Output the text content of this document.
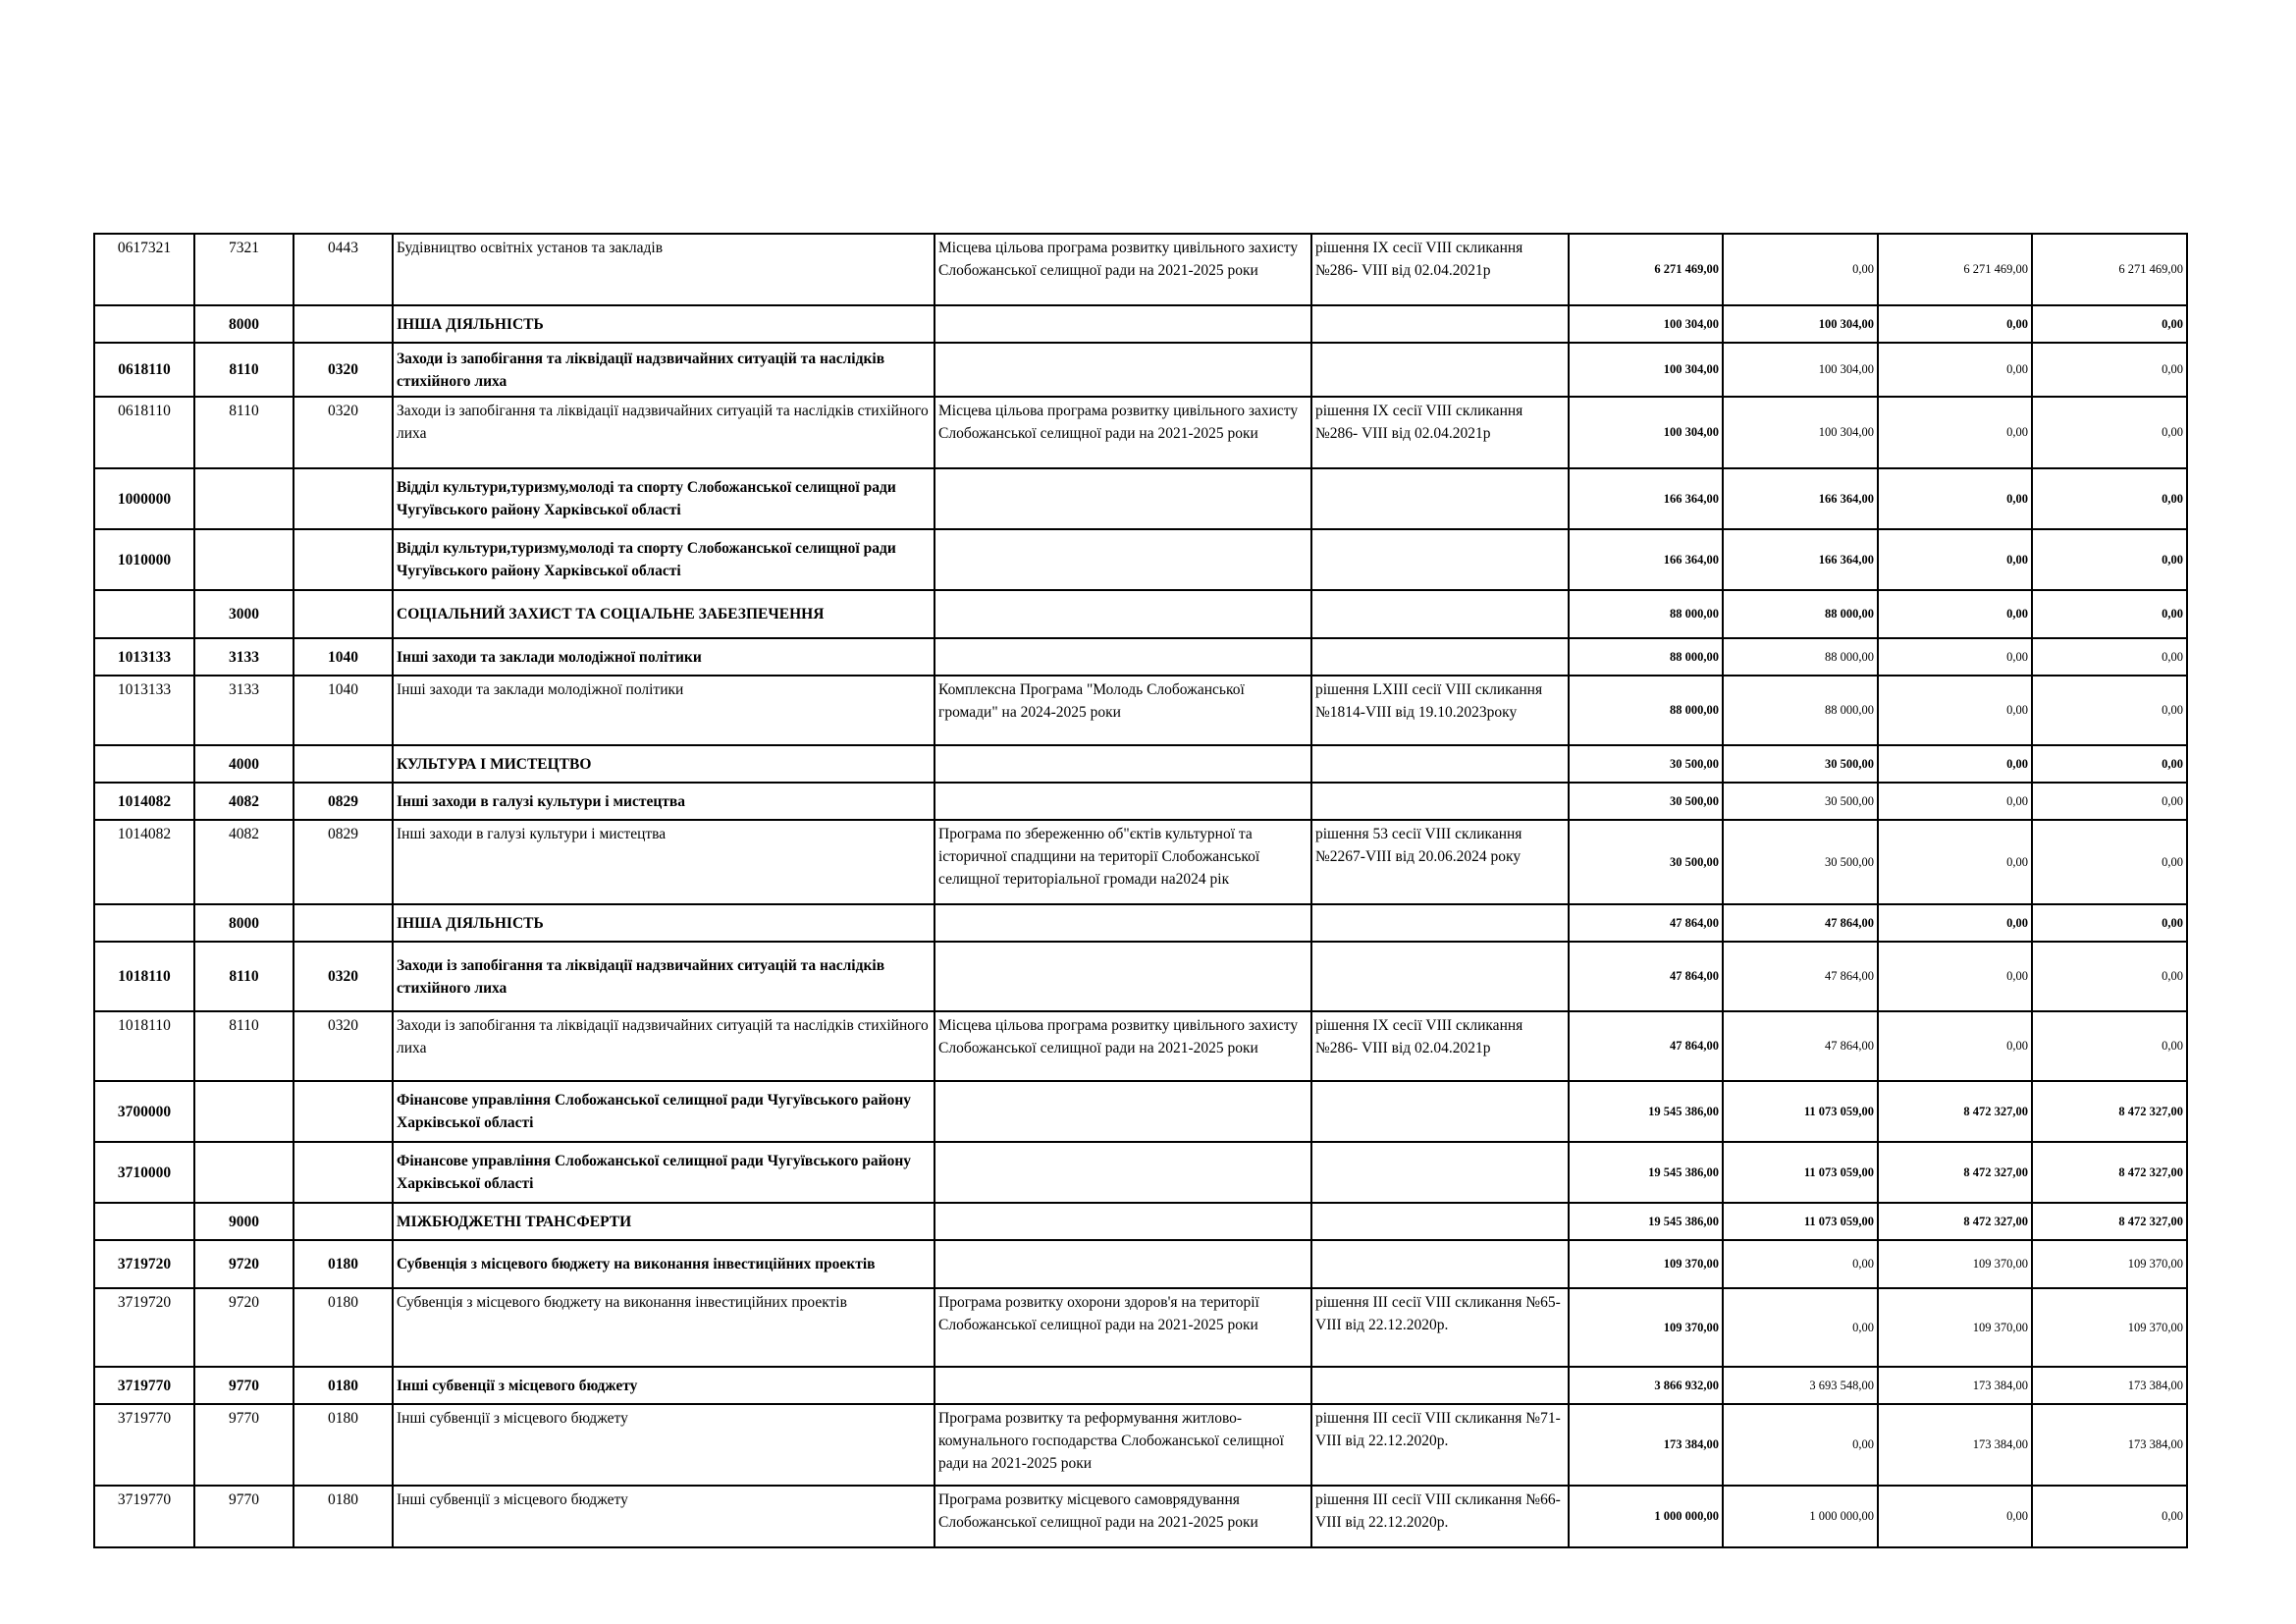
0617321	7321	0443	Будівництво освітніх установ та закладів	Місцева цільова програма розвитку цивільного захисту Слобожанської селищної ради на 2021-2025 роки	рішення IX сесії VIII скликання №286- VIII від 02.04.2021р	6 271 469,00	0,00	6 271 469,00	6 271 469,00
	8000		ІНША ДІЯЛЬНІСТЬ			100 304,00	100 304,00	0,00	0,00
0618110	8110	0320	Заходи із запобігання та ліквідації надзвичайних ситуацій та наслідків стихійного лиха			100 304,00	100 304,00	0,00	0,00
0618110	8110	0320	Заходи із запобігання та ліквідації надзвичайних ситуацій та наслідків стихійного лиха	Місцева цільова програма розвитку цивільного захисту Слобожанської селищної ради на 2021-2025 роки	рішення IX сесії VIII скликання №286- VIII від 02.04.2021р	100 304,00	100 304,00	0,00	0,00
1000000			Відділ культури,туризму,молоді та спорту Слобожанської селищної ради Чугуївського району Харківської області			166 364,00	166 364,00	0,00	0,00
1010000			Відділ культури,туризму,молоді та спорту Слобожанської селищної ради Чугуївського району Харківської області			166 364,00	166 364,00	0,00	0,00
	3000		СОЦІАЛЬНИЙ ЗАХИСТ ТА СОЦІАЛЬНЕ ЗАБЕЗПЕЧЕННЯ			88 000,00	88 000,00	0,00	0,00
1013133	3133	1040	Інші заходи та заклади молодіжної політики			88 000,00	88 000,00	0,00	0,00
1013133	3133	1040	Інші заходи та заклади молодіжної політики	Комплексна Програма "Молодь Слобожанської громади" на 2024-2025 роки	рішення LXIII сесії VIII скликання №1814-VIII від 19.10.2023року	88 000,00	88 000,00	0,00	0,00
	4000		КУЛЬТУРА І МИСТЕЦТВО			30 500,00	30 500,00	0,00	0,00
1014082	4082	0829	Інші заходи в галузі культури і мистецтва			30 500,00	30 500,00	0,00	0,00
1014082	4082	0829	Інші заходи в галузі культури і мистецтва	Програма по збереженню об"єктів культурної та історичної спадщини на території Слобожанської селищної територіальної громади на2024 рік	рішення 53 сесії VIII скликання №2267-VIII від 20.06.2024 року	30 500,00	30 500,00	0,00	0,00
	8000		ІНША ДІЯЛЬНІСТЬ			47 864,00	47 864,00	0,00	0,00
1018110	8110	0320	Заходи із запобігання та ліквідації надзвичайних ситуацій та наслідків стихійного лиха			47 864,00	47 864,00	0,00	0,00
1018110	8110	0320	Заходи із запобігання та ліквідації надзвичайних ситуацій та наслідків стихійного лиха	Місцева цільова програма розвитку цивільного захисту Слобожанської селищної ради на 2021-2025 роки	рішення IX сесії VIII скликання №286- VIII від 02.04.2021р	47 864,00	47 864,00	0,00	0,00
3700000			Фінансове управління Слобожанської селищної ради Чугуївського району Харківської області			19 545 386,00	11 073 059,00	8 472 327,00	8 472 327,00
3710000			Фінансове управління Слобожанської селищної ради Чугуївського району Харківської області			19 545 386,00	11 073 059,00	8 472 327,00	8 472 327,00
	9000		МІЖБЮДЖЕТНІ ТРАНСФЕРТИ			19 545 386,00	11 073 059,00	8 472 327,00	8 472 327,00
3719720	9720	0180	Субвенція з місцевого бюджету на виконання інвестиційних проектів			109 370,00	0,00	109 370,00	109 370,00
3719720	9720	0180	Субвенція з місцевого бюджету на виконання інвестиційних проектів	Програма розвитку охорони здоров'я на території Слобожанської селищної ради на 2021-2025 роки	рішення III сесії VIII скликання №65- VIII від 22.12.2020р.	109 370,00	0,00	109 370,00	109 370,00
3719770	9770	0180	Інші субвенції з місцевого бюджету			3 866 932,00	3 693 548,00	173 384,00	173 384,00
3719770	9770	0180	Інші субвенції з місцевого бюджету	Програма розвитку та реформування житлово-комунального господарства Слобожанської селищної ради на 2021-2025 роки	рішення III сесії VIII скликання №71- VIII від 22.12.2020р.	173 384,00	0,00	173 384,00	173 384,00
3719770	9770	0180	Інші субвенції з місцевого бюджету	Програма розвитку місцевого самоврядування Слобожанської селищної ради на 2021-2025 роки	рішення III сесії VIII скликання №66- VIII від 22.12.2020р.	1 000 000,00	1 000 000,00	0,00	0,00
